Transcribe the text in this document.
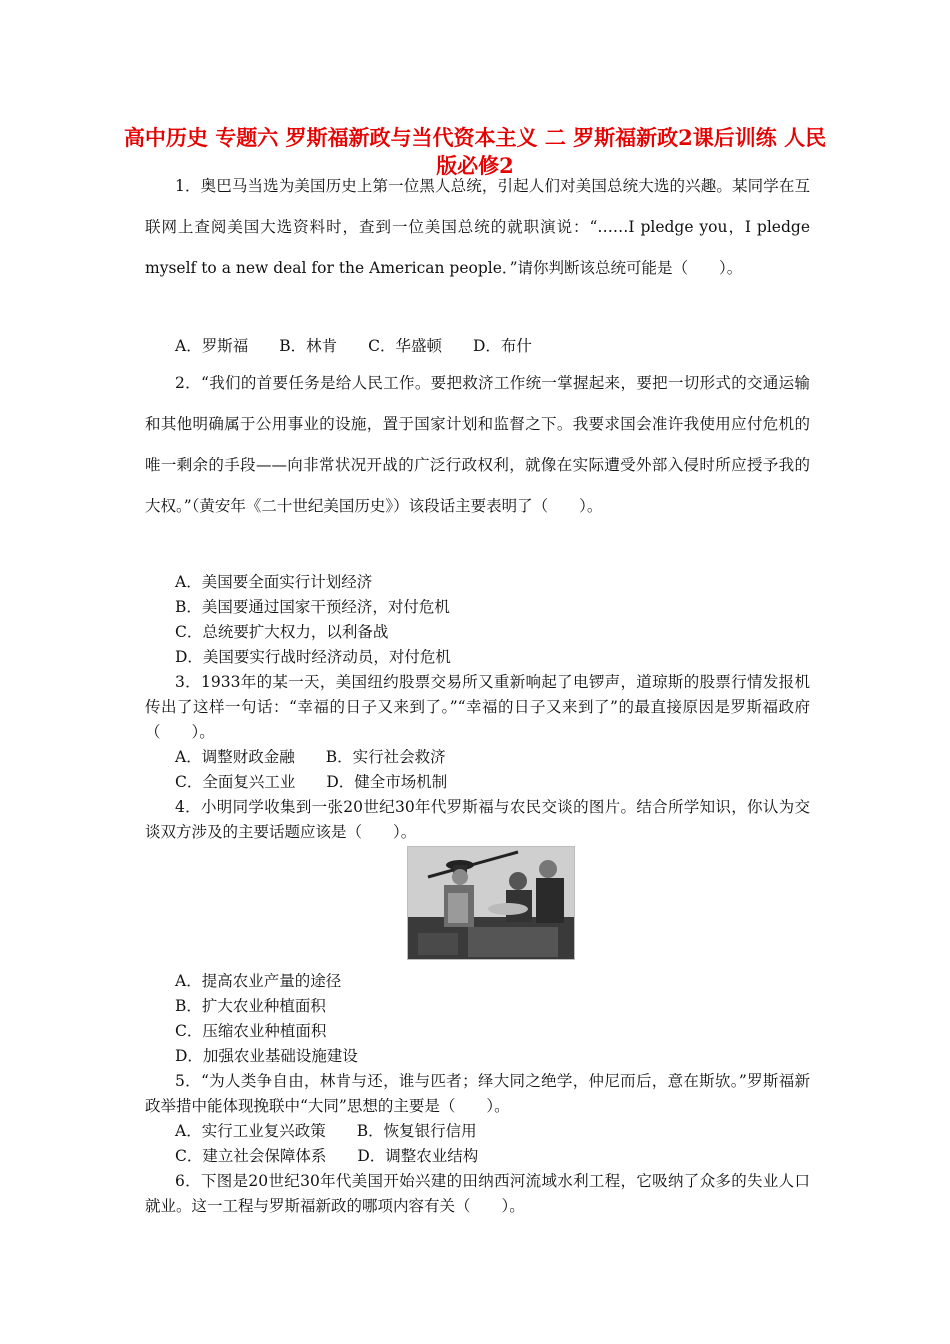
高中历史 专题六 罗斯福新政与当代资本主义 二 罗斯福新政2课后训练 人民版必修2
1．奥巴马当选为美国历史上第一位黑人总统，引起人们对美国总统大选的兴趣。某同学在互联网上查阅美国大选资料时，查到一位美国总统的就职演说：“……I pledge you，I pledge myself to a new deal for the American people．”请你判断该总统可能是（　　）。
A．罗斯福　　B．林肯　　C．华盛顿　　D．布什
2．“我们的首要任务是给人民工作。要把救济工作统一掌握起来，要把一切形式的交通运输和其他明确属于公用事业的设施，置于国家计划和监督之下。我要求国会准许我使用应付危机的唯一剩余的手段——向非常状况开战的广泛行政权利，就像在实际遭受外部入侵时所应授予我的大权。”（黄安年《二十世纪美国历史》）该段话主要表明了（　　）。
A．美国要全面实行计划经济
B．美国要通过国家干预经济，对付危机
C．总统要扩大权力，以利备战
D．美国要实行战时经济动员，对付危机
3．1933年的某一天，美国纽约股票交易所又重新响起了电锣声，道琼斯的股票行情发报机传出了这样一句话：“幸福的日子又来到了。”“幸福的日子又来到了”的最直接原因是罗斯福政府（　　）。
A．调整财政金融　　B．实行社会救济
C．全面复兴工业　　D．健全市场机制
4．小明同学收集到一张20世纪30年代罗斯福与农民交谈的图片。结合所学知识，你认为交谈双方涉及的主要话题应该是（　　）。
A．提高农业产量的途径
B．扩大农业种植面积
C．压缩农业种植面积
D．加强农业基础设施建设
5．“为人类争自由，林肯与还，谁与匹者；绎大同之绝学，仲尼而后，意在斯欤。”罗斯福新政举措中能体现挽联中“大同”思想的主要是（　　）。
A．实行工业复兴政策　　B．恢复银行信用
C．建立社会保障体系　　D．调整农业结构
6．下图是20世纪30年代美国开始兴建的田纳西河流域水利工程，它吸纳了众多的失业人口就业。这一工程与罗斯福新政的哪项内容有关（　　）。
